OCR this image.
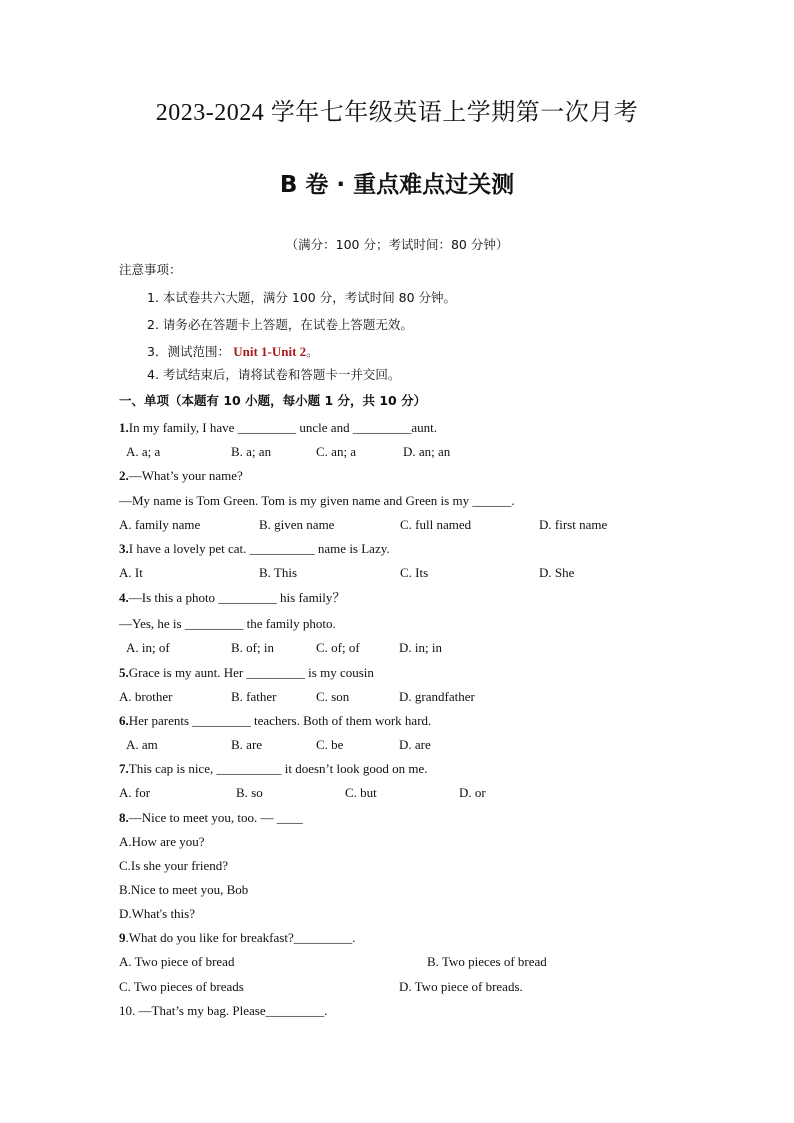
2023-2024 学年七年级英语上学期第一次月考
B 卷 · 重点难点过关测
（满分：100 分；考试时间：80 分钟）
注意事项：
1. 本试卷共六大题，满分 100 分，考试时间 80 分钟。
2. 请务必在答题卡上答题，在试卷上答题无效。
3．测试范围： Unit 1-Unit 2。
4. 考试结束后，请将试卷和答题卡一并交回。
一、单项（本题有 10 小题，每小题 1 分，共 10 分）
1.In my family, I have _________ uncle and _________aunt.
A. a; a	B. a; an	C. an; a	D. an; an
2.—What’s your name?
—My name is Tom Green. Tom is my given name and Green is my ______.
A. family name	B. given name	C. full named	D. first name
3.I have a lovely pet cat. __________ name is Lazy.
A. It	B. This	C. Its	D. She
4.—Is this a photo _________ his family？
—Yes, he is _________ the family photo.
A. in; of	B. of; in	C. of; of	D. in; in
5.Grace is my aunt. Her _________ is my cousin
A. brother	B. father	C. son	D. grandfather
6.Her parents _________ teachers. Both of them work hard.
A. am	B. are	C. be	D. are
7.This cap is nice, __________ it doesn’t look good on me.
A. for	B. so	C. but	D. or
8.—Nice to meet you, too. — ____
A.How are you?
C.Is she your friend?
B.Nice to meet you, Bob
D.What's this?
9.What do you like for breakfast?_________.
A. Two piece of bread	B. Two pieces of bread
C. Two pieces of breads	D. Two piece of breads.
10. —That’s my bag. Please_________.
